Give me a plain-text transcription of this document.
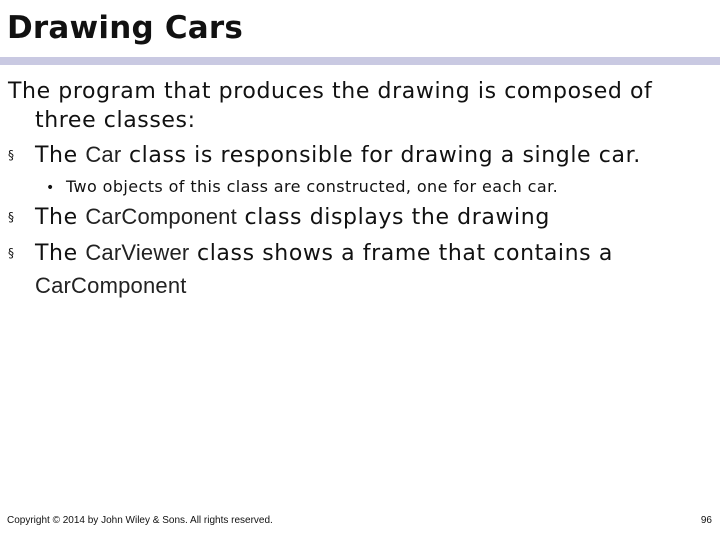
Drawing Cars
The program that produces the drawing is composed of
three classes:
§ The Car class is responsible for drawing a single car.
• Two objects of this class are constructed, one for each car.
§ The CarComponent class displays the drawing
§ The CarViewer class shows a frame that contains a
CarComponent
Copyright © 2014 by John Wiley & Sons. All rights reserved.	96
